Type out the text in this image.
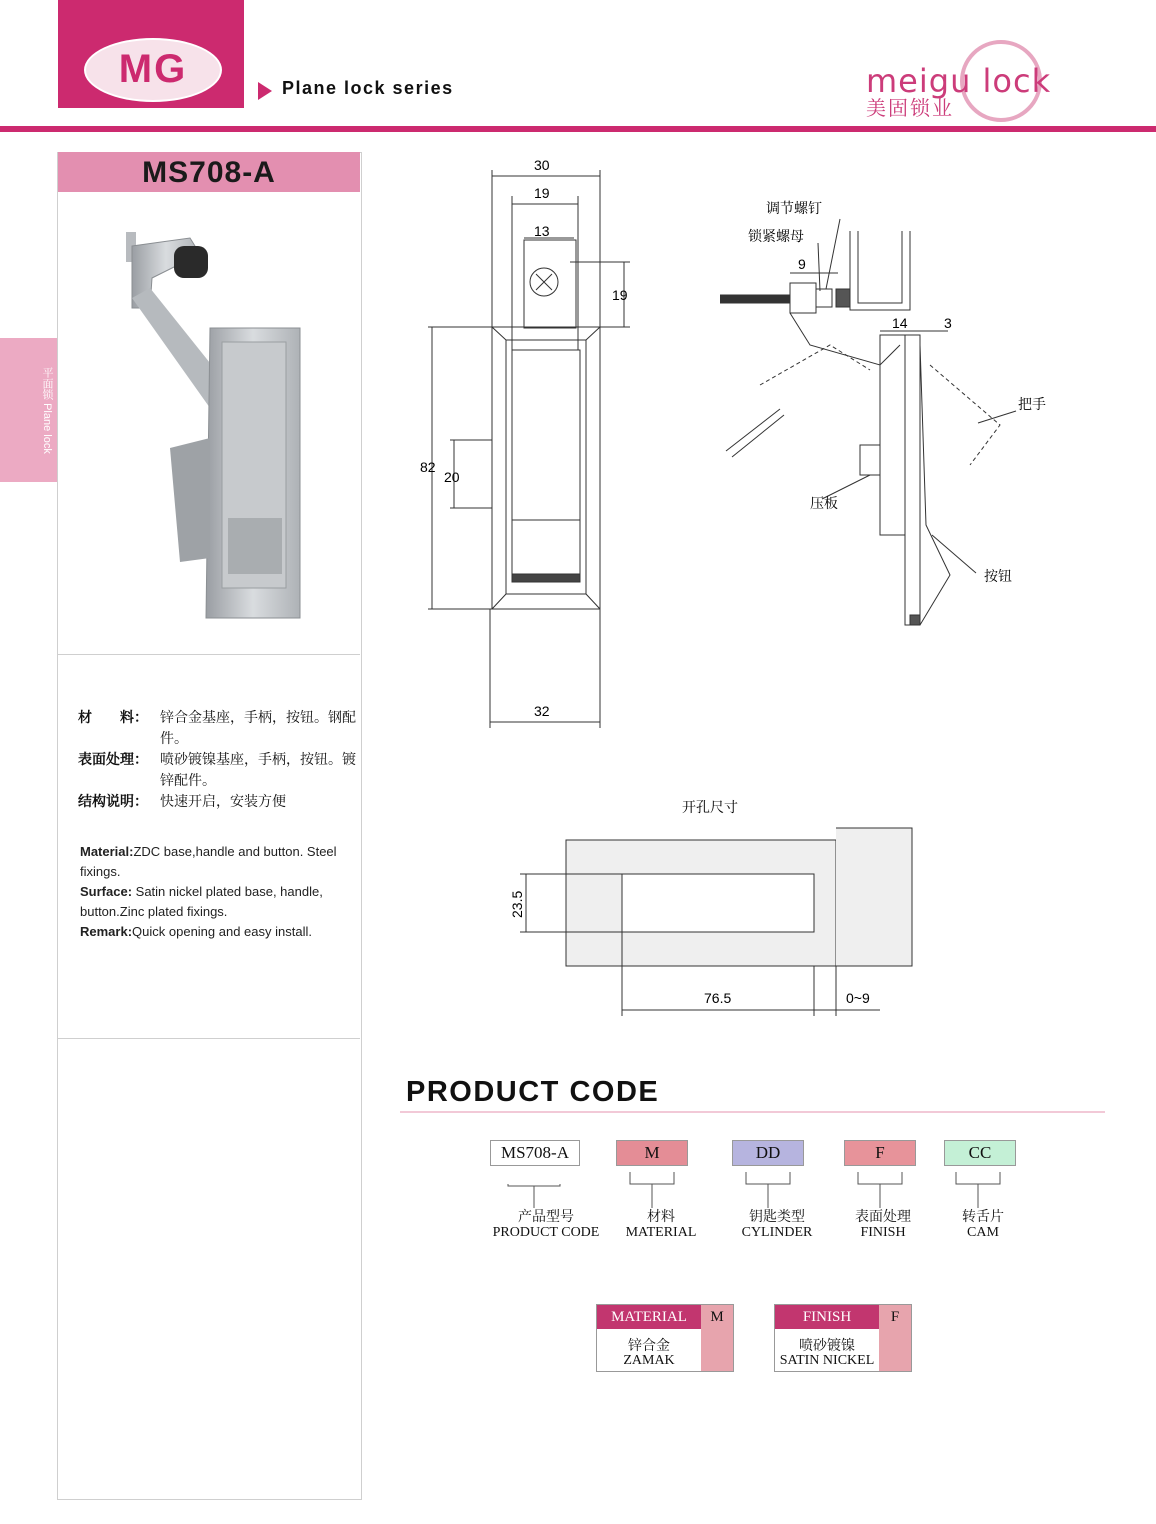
MG	Plane lock series	meigu lock
美固锁业
平面锁 Plane lock
MS708-A
材　　料： 锌合金基座，手柄，按钮。钢配件。
表面处理： 喷砂镀镍基座，手柄，按钮。镀锌配件。
结构说明： 快速开启，安装方便
Material:ZDC base,handle and button. Steel fixings.
Surface: Satin nickel plated base, handle, button.Zinc plated fixings.
Remark:Quick opening and easy install.
30
19
13
19
82
20
32
调节螺钉
锁紧螺母
9
14	3
把手
压板
按钮
开孔尺寸
23.5
76.5	0~9
PRODUCT CODE
MS708-A	M	DD	F	CC
产品型号
PRODUCT CODE
材料
MATERIAL
钥匙类型
CYLINDER
表面处理
FINISH
转舌片
CAM
MATERIAL	M
锌合金
ZAMAK
FINISH	F
喷砂镀镍
SATIN NICKEL
